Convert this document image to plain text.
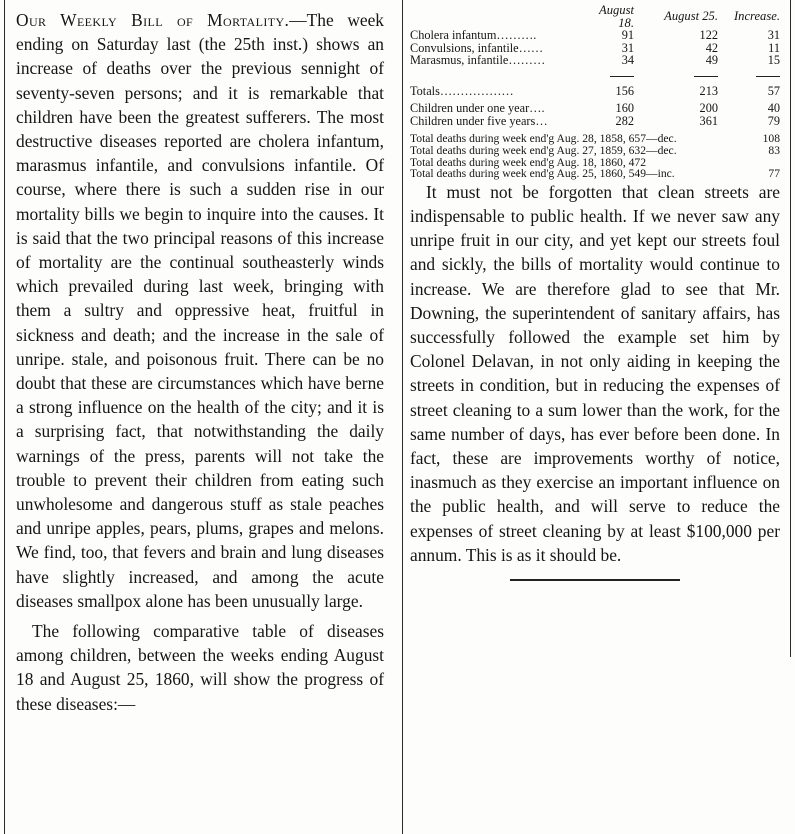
Our Weekly Bill of Mortality.—The week ending on Saturday last (the 25th inst.) shows an increase of deaths over the previous sennight of seventy-seven persons; and it is remarkable that children have been the greatest sufferers. The most destructive diseases reported are cholera infantum, marasmus infantile, and convulsions infantile. Of course, where there is such a sudden rise in our mortality bills we begin to inquire into the causes. It is said that the two principal reasons of this increase of mortality are the continual southeasterly winds which prevailed during last week, bringing with them a sultry and oppressive heat, fruitful in sickness and death; and the increase in the sale of unripe. stale, and poisonous fruit. There can be no doubt that these are circumstances which have berne a strong influence on the health of the city; and it is a surprising fact, that notwithstanding the daily warnings of the press, parents will not take the trouble to prevent their children from eating such unwholesome and dangerous stuff as stale peaches and unripe apples, pears, plums, grapes and melons. We find, too, that fevers and brain and lung diseases have slightly increased, and among the acute diseases smallpox alone has been unusually large.

The following comparative table of diseases among children, between the weeks ending August 18 and August 25, 1860, will show the progress of these diseases:—

	August 18.	August 25.	Increase.
Cholera infantum……….	91	122	31
Convulsions, infantile……	31	42	11
Marasmus, infantile………	34	49	15

Totals………………	156	213	57

Children under one year….	160	200	40
Children under five years…	282	361	79
Total deaths during week end'g Aug. 28, 1858, 657—dec.	108
Total deaths during week end'g Aug. 27, 1859, 632—dec.	83
Total deaths during week end'g Aug. 18, 1860, 472
Total deaths during week end'g Aug. 25, 1860, 549—inc.	77

It must not be forgotten that clean streets are indispensable to public health. If we never saw any unripe fruit in our city, and yet kept our streets foul and sickly, the bills of mortality would continue to increase. We are therefore glad to see that Mr. Downing, the superintendent of sanitary affairs, has successfully followed the example set him by Colonel Delavan, in not only aiding in keeping the streets in condition, but in reducing the expenses of street cleaning to a sum lower than the work, for the same number of days, has ever before been done. In fact, these are improvements worthy of notice, inasmuch as they exercise an important influence on the public health, and will serve to reduce the expenses of street cleaning by at least $100,000 per annum. This is as it should be.
